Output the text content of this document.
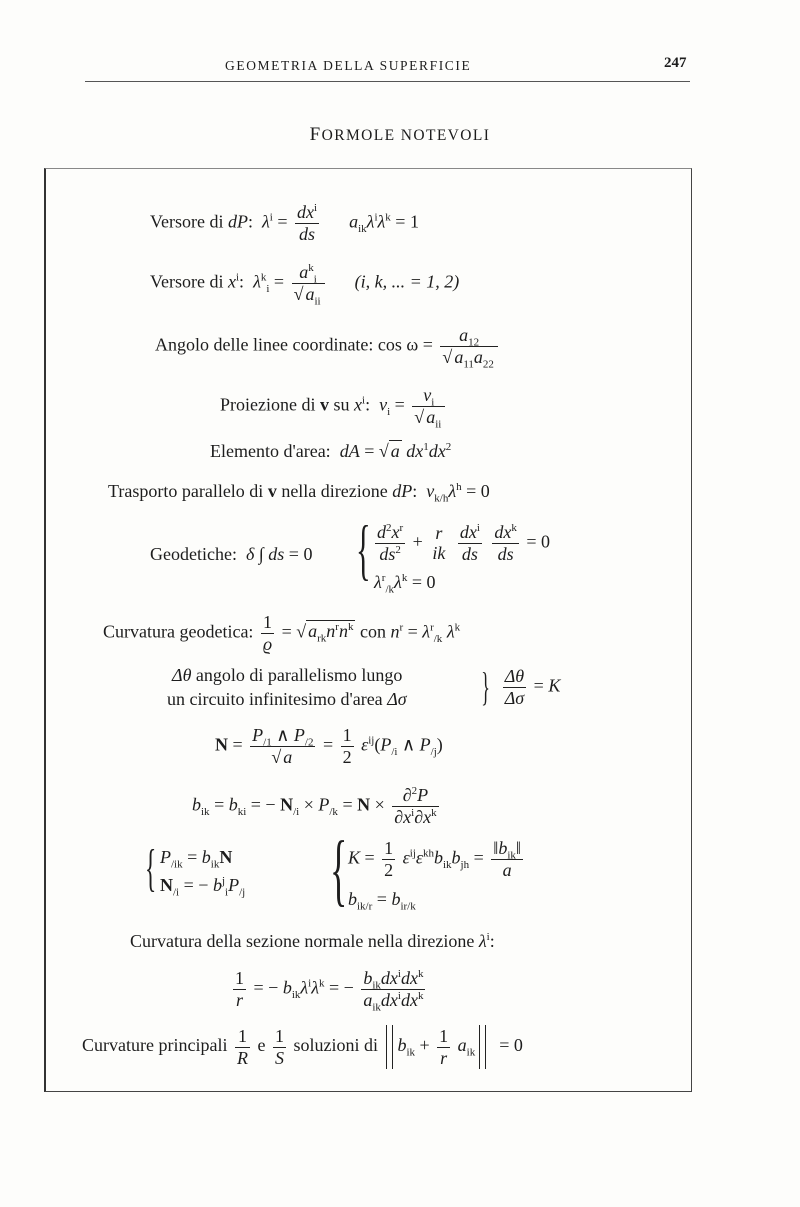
GEOMETRIA DELLA SUPERFICIE	247
FORMOLE NOTEVOLI
Versore di dP:  $\lambda^i = \frac{dx^i}{ds} a_{ik}\lambda^i\lambda^k = 1$
Versore di $x^i$:  $\lambda^k_i = \frac{a^k_i}{√ a_{ii}} (i$, k, ... = 1, 2)
Angolo delle linee coordinate: $\cos \omega = \frac{a_{12}}{√ a_{11}a_{22}}$
Proiezione di v su $x^i$:  $v_i = \frac{v_i}{√ a_{ii}}$
Elemento d'area: dA = √ a $dx^1dx^2$
Trasporto parallelo di v nella direzione dP:  $v_{k/h}\lambda^h = 0$
Geodetiche: δ ∫ ds = 0 { $\frac{d^2x^r}{ds^2} + r$
ik
$\frac{dx^i}{ds}$
$\frac{dx^k}{ds} = 0$
$\lambda^r_{/k}\lambda^k = 0$
Curvatura geodetica: $\frac{1}{ϱ}$ = √ $a_{rk}n^rn^k$ con $n^r = \lambda^r_{/k}$ $\lambda^k$
Δθ angolo di parallelismo lungo
un circuito infinitesimo d'area Δσ } $\frac{\Delta\theta}{\Delta\sigma} = K$
$N = \frac{P_{/1} \wedge P_{/2}}{√ a} = \frac{1}{2} \varepsilon^{ij}(P_{/i}$ ∧ $P_{/j}$)
$b_{ik} = b_{ki}$ = − $N_{/i} \times P_{/k} = N \times \frac{\partial^2P}{\partial x^i\partial x^k}$
{ $P_{/ik} = b_{ik}N$
$N_{/i}$ = − $b^j_iP_{/j}$ { $K = \frac{1}{2} \varepsilon^{ij}\varepsilon^{kh}b_{ik}b_{jh} = \frac{‖b_{ik}‖}{a}$
$b_{ik/r} = b_{ir/k}$
Curvatura della sezione normale nella direzione $\lambda^i$:
$\frac{1}{r}$ = − $b_{ik}\lambda^i\lambda^k$ = − $\frac{b_{ik}dx^idx^k}{a_{ik}dx^idx^k}$
Curvature principali $\frac{1}{R}$ e $\frac{1}{S}$ soluzioni di $b_{ik} + \frac{1}{r} a_{ik} = 0$
